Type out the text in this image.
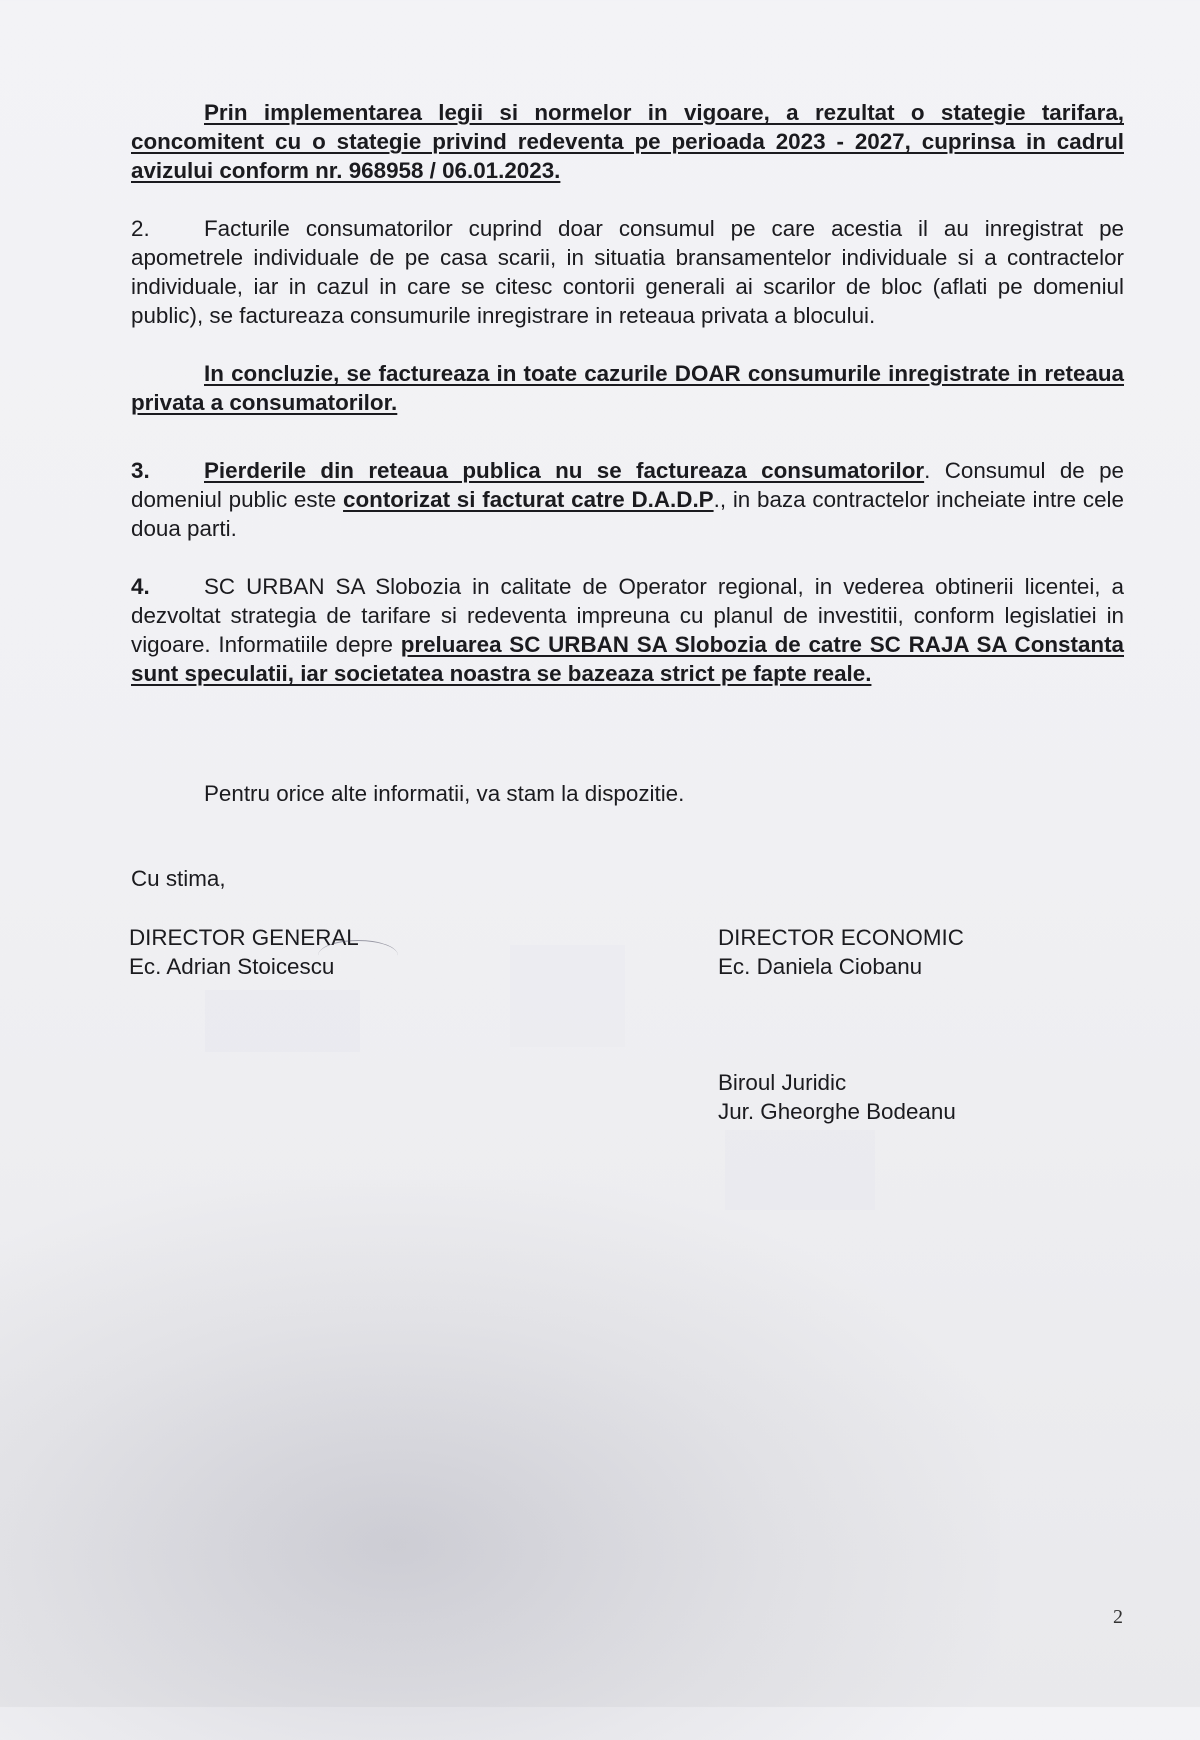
Prin implementarea legii si normelor in vigoare, a rezultat o stategie tarifara, concomitent cu o stategie privind redeventa pe perioada 2023 - 2027, cuprinsa in cadrul avizului conform nr. 968958 / 06.01.2023.

2. Facturile consumatorilor cuprind doar consumul pe care acestia il au inregistrat pe apometrele individuale de pe casa scarii, in situatia bransamentelor individuale si a contractelor individuale, iar in cazul in care se citesc contorii generali ai scarilor de bloc (aflati pe domeniul public), se factureaza consumurile inregistrare in reteaua privata a blocului.

In concluzie, se factureaza in toate cazurile DOAR consumurile inregistrate in reteaua privata a consumatorilor.

3. Pierderile din reteaua publica nu se factureaza consumatorilor. Consumul de pe domeniul public este contorizat si facturat catre D.A.D.P., in baza contractelor incheiate intre cele doua parti.

4. SC URBAN SA Slobozia in calitate de Operator regional, in vederea obtinerii licentei, a dezvoltat strategia de tarifare si redeventa impreuna cu planul de investitii, conform legislatiei in vigoare. Informatiile depre preluarea SC URBAN SA Slobozia de catre SC RAJA SA Constanta sunt speculatii, iar societatea noastra se bazeaza strict pe fapte reale.

Pentru orice alte informatii, va stam la dispozitie.
Cu stima,
DIRECTOR GENERAL
Ec. Adrian Stoicescu
DIRECTOR ECONOMIC
Ec. Daniela Ciobanu
Biroul Juridic
Jur. Gheorghe Bodeanu
2
